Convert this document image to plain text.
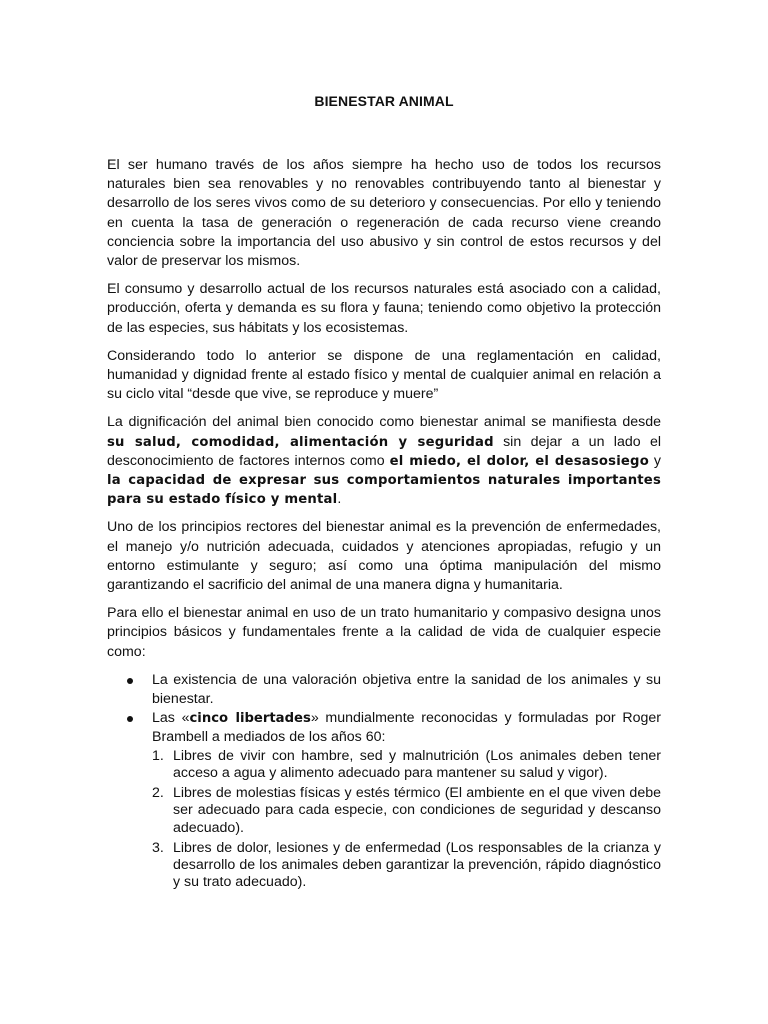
BIENESTAR ANIMAL

El ser humano través de los años siempre ha hecho uso de todos los recursos naturales bien sea renovables y no renovables contribuyendo tanto al bienestar y desarrollo de los seres vivos como de su deterioro y consecuencias. Por ello y teniendo en cuenta la tasa de generación o regeneración de cada recurso viene creando conciencia sobre la importancia del uso abusivo y sin control de estos recursos y del valor de preservar los mismos.

El consumo y desarrollo actual de los recursos naturales está asociado con a calidad, producción, oferta y demanda es su flora y fauna; teniendo como objetivo la protección de las especies, sus hábitats y los ecosistemas.

Considerando todo lo anterior se dispone de una reglamentación en calidad, humanidad y dignidad frente al estado físico y mental de cualquier animal en relación a su ciclo vital “desde que vive, se reproduce y muere”

La dignificación del animal bien conocido como bienestar animal se manifiesta desde su salud, comodidad, alimentación y seguridad sin dejar a un lado el desconocimiento de factores internos como el miedo, el dolor, el desasosiego y la capacidad de expresar sus comportamientos naturales importantes para su estado físico y mental.

Uno de los principios rectores del bienestar animal es la prevención de enfermedades, el manejo y/o nutrición adecuada, cuidados y atenciones apropiadas, refugio y un entorno estimulante y seguro; así como una óptima manipulación del mismo garantizando el sacrificio del animal de una manera digna y humanitaria.

Para ello el bienestar animal en uso de un trato humanitario y compasivo designa unos principios básicos y fundamentales frente a la calidad de vida de cualquier especie como:

La existencia de una valoración objetiva entre la sanidad de los animales y su bienestar.
Las «cinco libertades» mundialmente reconocidas y formuladas por Roger Brambell a mediados de los años 60:
1. Libres de vivir con hambre, sed y malnutrición (Los animales deben tener acceso a agua y alimento adecuado para mantener su salud y vigor).
2. Libres de molestias físicas y estés térmico (El ambiente en el que viven debe ser adecuado para cada especie, con condiciones de seguridad y descanso adecuado).
3. Libres de dolor, lesiones y de enfermedad (Los responsables de la crianza y desarrollo de los animales deben garantizar la prevención, rápido diagnóstico y su trato adecuado).
